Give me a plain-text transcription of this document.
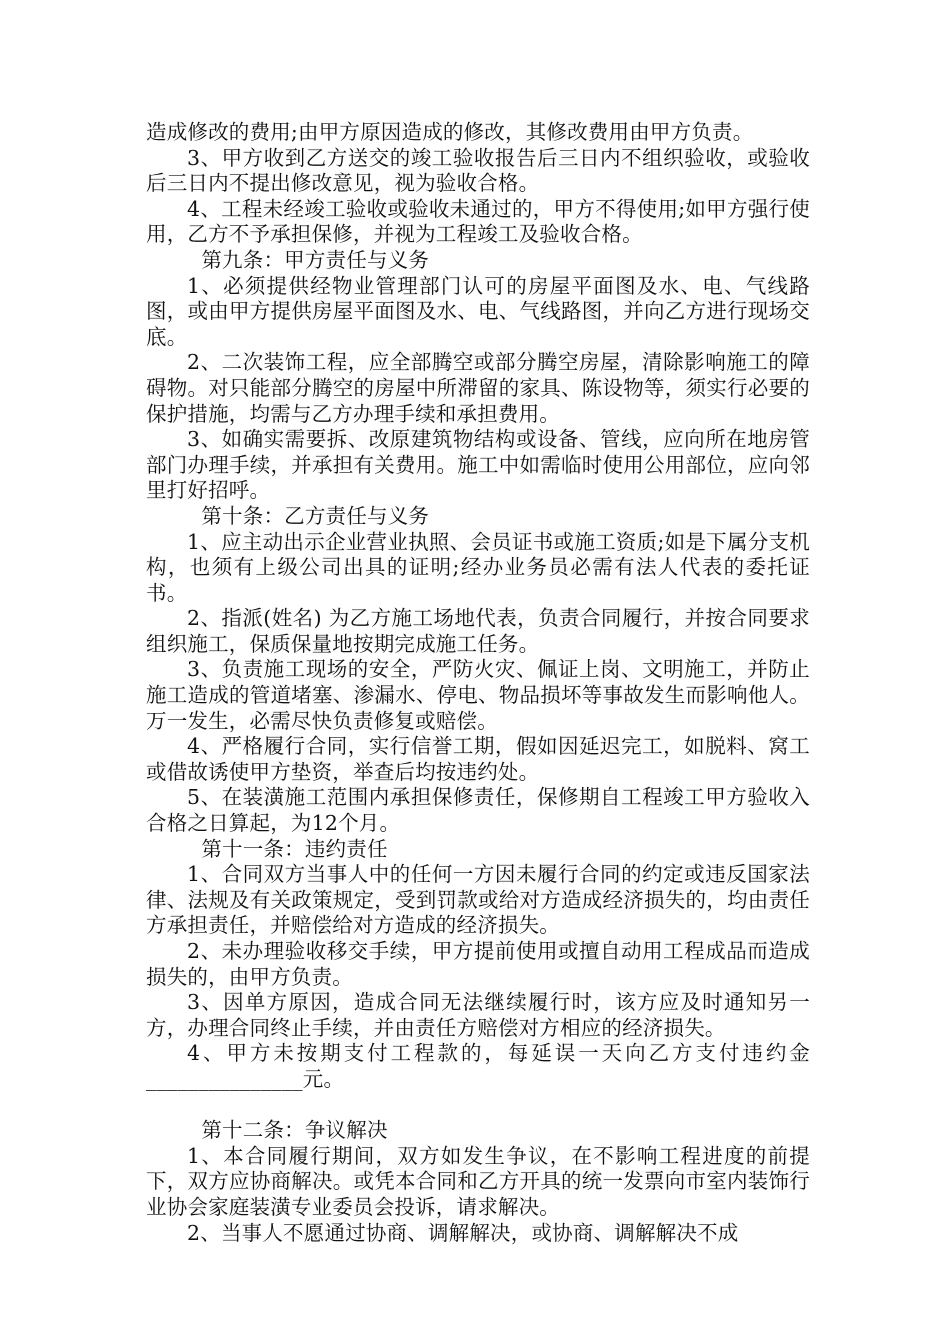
造成修改的费用;由甲方原因造成的修改，其修改费用由甲方负责。

3、甲方收到乙方送交的竣工验收报告后三日内不组织验收，或验收后三日内不提出修改意见，视为验收合格。

4、工程未经竣工验收或验收未通过的，甲方不得使用;如甲方强行使用，乙方不予承担保修，并视为工程竣工及验收合格。

第九条：甲方责任与义务

1、必须提供经物业管理部门认可的房屋平面图及水、电、气线路图，或由甲方提供房屋平面图及水、电、气线路图，并向乙方进行现场交底。

2、二次装饰工程，应全部腾空或部分腾空房屋，清除影响施工的障碍物。对只能部分腾空的房屋中所滞留的家具、陈设物等，须实行必要的保护措施，均需与乙方办理手续和承担费用。

3、如确实需要拆、改原建筑物结构或设备、管线，应向所在地房管部门办理手续，并承担有关费用。施工中如需临时使用公用部位，应向邻里打好招呼。

第十条：乙方责任与义务

1、应主动出示企业营业执照、会员证书或施工资质;如是下属分支机构，也须有上级公司出具的证明;经办业务员必需有法人代表的委托证书。

2、指派(姓名) 为乙方施工场地代表，负责合同履行，并按合同要求组织施工，保质保量地按期完成施工任务。

3、负责施工现场的安全，严防火灾、佩证上岗、文明施工，并防止施工造成的管道堵塞、渗漏水、停电、物品损坏等事故发生而影响他人。万一发生，必需尽快负责修复或赔偿。

4、严格履行合同，实行信誉工期，假如因延迟完工，如脱料、窝工或借故诱使甲方垫资，举查后均按违约处。

5、在装潢施工范围内承担保修责任，保修期自工程竣工甲方验收入合格之日算起，为12个月。

第十一条：违约责任

1、合同双方当事人中的任何一方因未履行合同的约定或违反国家法律、法规及有关政策规定，受到罚款或给对方造成经济损失的，均由责任方承担责任，并赔偿给对方造成的经济损失。

2、未办理验收移交手续，甲方提前使用或擅自动用工程成品而造成损失的，由甲方负责。

3、因单方原因，造成合同无法继续履行时，该方应及时通知另一方，办理合同终止手续，并由责任方赔偿对方相应的经济损失。

4、甲方未按期支付工程款的，每延误一天向乙方支付违约金_______________元。

第十二条：争议解决

1、本合同履行期间，双方如发生争议，在不影响工程进度的前提下，双方应协商解决。或凭本合同和乙方开具的统一发票向市室内装饰行业协会家庭装潢专业委员会投诉，请求解决。

2、当事人不愿通过协商、调解解决，或协商、调解解决不成
